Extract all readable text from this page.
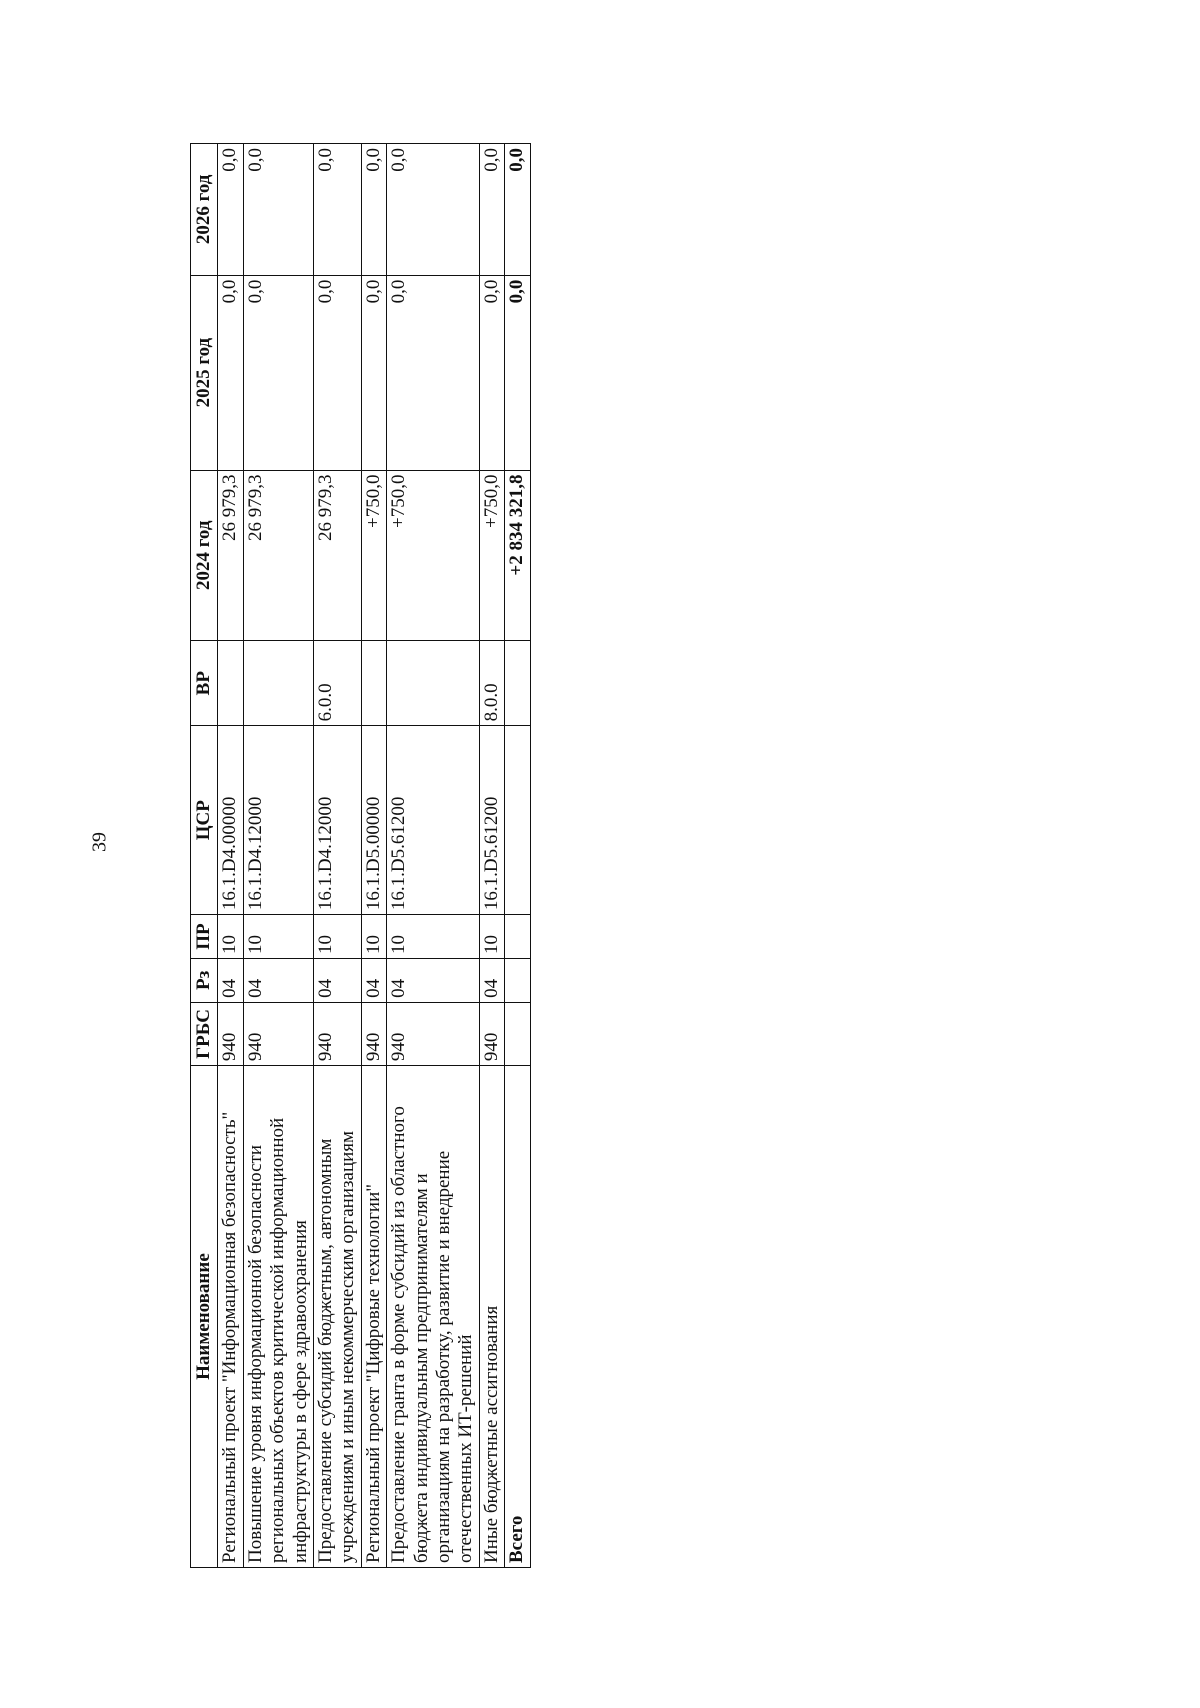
39
Наименование	ГРБС	Рз	ПР	ЦСР	ВР	2024 год	2025 год	2026 год
Региональный проект "Информационная безопасность"	940	04	10	16.1.D4.00000		26 979,3	0,0	0,0
Повышение уровня информационной безопасности региональных объектов критической информационной инфраструктуры в сфере здравоохранения	940	04	10	16.1.D4.12000		26 979,3	0,0	0,0
Предоставление субсидий бюджетным, автономным учреждениям и иным некоммерческим организациям	940	04	10	16.1.D4.12000	6.0.0	26 979,3	0,0	0,0
Региональный проект "Цифровые технологии"	940	04	10	16.1.D5.00000		+750,0	0,0	0,0
Предоставление гранта в форме субсидий из областного бюджета индивидуальным предпринимателям и организациям на разработку, развитие и внедрение отечественных ИТ-решений	940	04	10	16.1.D5.61200		+750,0	0,0	0,0
Иные бюджетные ассигнования	940	04	10	16.1.D5.61200	8.0.0	+750,0	0,0	0,0
Всего						+2 834 321,8	0,0	0,0
